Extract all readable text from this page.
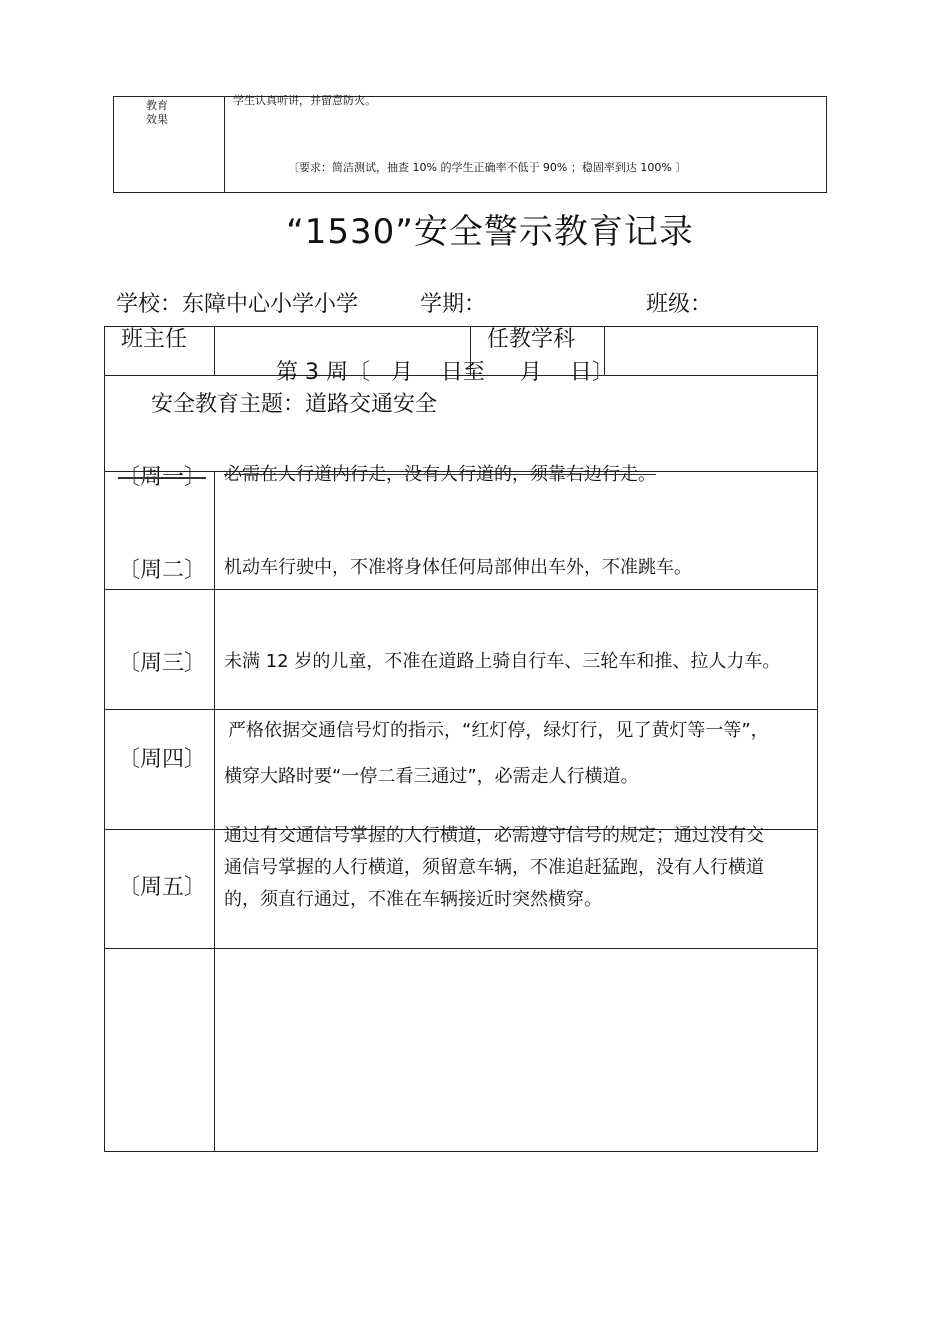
教育
效果
学生认真听讲，并留意防火。
〔要求：简洁测试，抽查 10% 的学生正确率不低于 90% ；稳固率到达 100% 〕
“1530”安全警示教育记录
学校：东障中心小学小学	学期：	班级：
班主任	任教学科
第 3 周〔   月    日至     月    日〕
安全教育主题：道路交通安全
〔周一〕 必需在人行道内行走，没有人行道的，须靠右边行走。
〔周二〕 机动车行驶中，不准将身体任何局部伸出车外，不准跳车。
〔周三〕 未满 12 岁的儿童，不准在道路上骑自行车、三轮车和推、拉人力车。
〔周四〕
严格依据交通信号灯的指示，“红灯停，绿灯行，见了黄灯等一等”，
横穿大路时要“一停二看三通过”，必需走人行横道。
〔周五〕
通过有交通信号掌握的人行横道，必需遵守信号的规定；通过没有交
通信号掌握的人行横道，须留意车辆，不准追赶猛跑，没有人行横道
的，须直行通过，不准在车辆接近时突然横穿。
